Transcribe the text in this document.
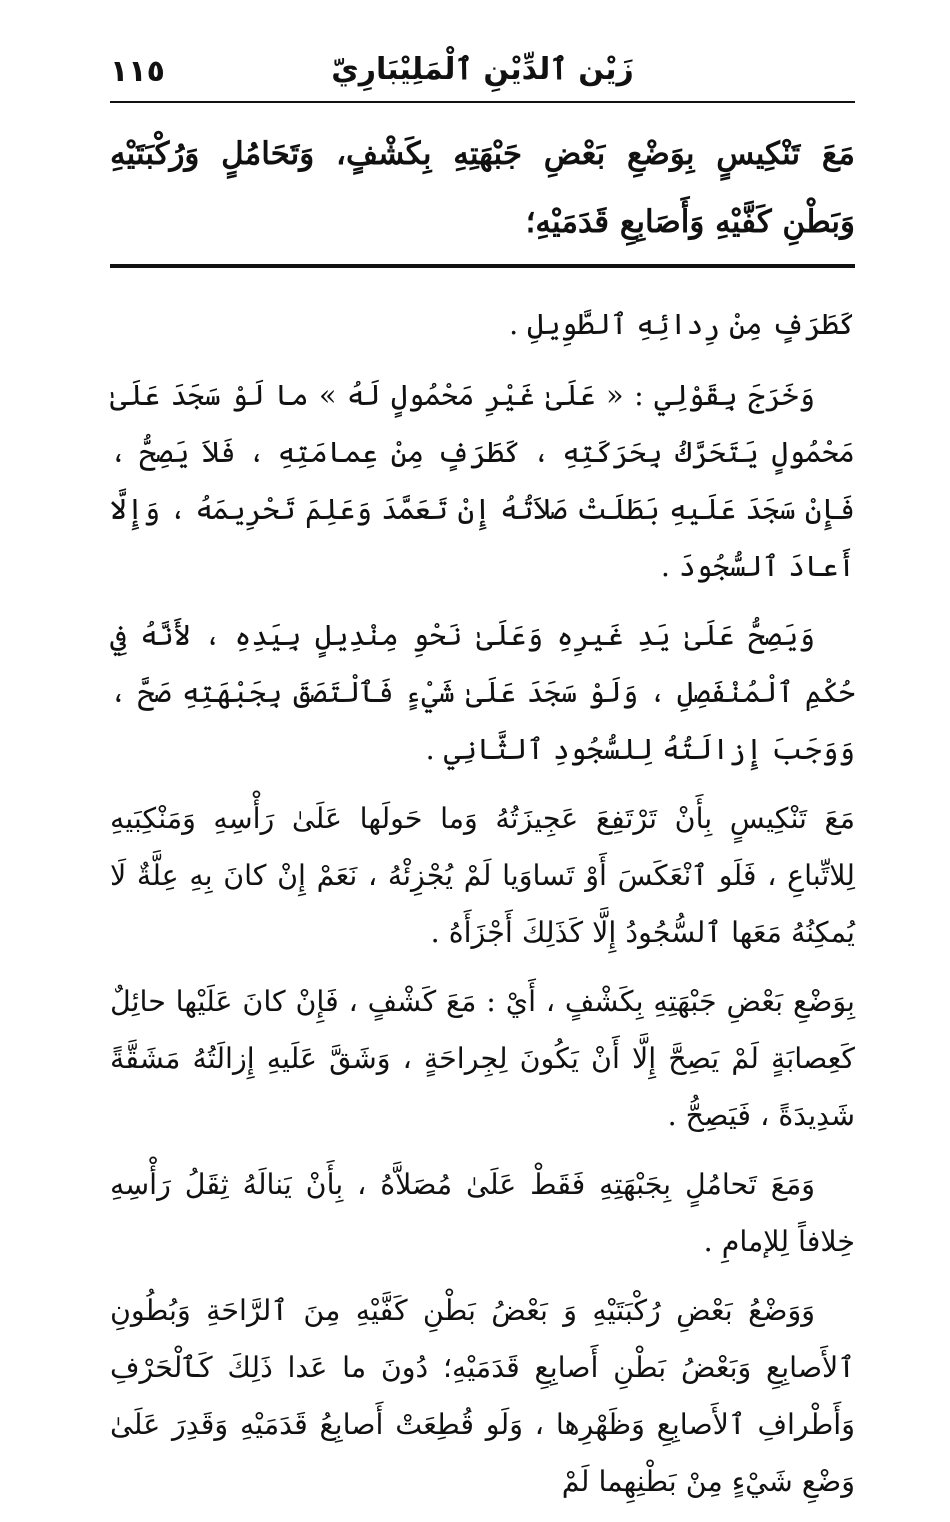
١١٥	زَيْن ٱلدِّيْنِ ٱلْمَلِيْبَارِيّ

مَعَ تَنْكِيسٍ بِوَضْعِ بَعْضِ جَبْهَتِهِ بِكَشْفٍ، وَتَحَامُلٍ وَرُكْبَتَيْهِ وَبَطْنِ كَفَّيْهِ وَأَصَابِعِ قَدَمَيْهِ؛

كَطَرَفٍ مِنْ رِدائِهِ ٱلطَّوِيلِ .

وَخَرَجَ بِقَوْلِي : « عَلَىٰ غَيْرِ مَحْمُولٍ لَهُ » ما لَوْ سَجَدَ عَلَىٰ مَحْمُولٍ يَتَحَرَّكُ بِحَرَكَتِهِ ، كَطَرَفٍ مِنْ عِمامَتِهِ ، فَلاَ يَصِحُّ ، فَإِنْ سَجَدَ عَلَيهِ بَطَلَتْ صَلاَتُهُ إِنْ تَعَمَّدَ وَعَلِمَ تَحْرِيمَهُ ، وَإِلَّا أَعادَ ٱلسُّجُودَ .

وَيَصِحُّ عَلَىٰ يَدِ غَيرِهِ وَعَلَىٰ نَحْوِ مِنْدِيلٍ بِيَدِهِ ، لأَنَّهُ فِي حُكْمِ ٱلْمُنْفَصِلِ ، وَلَوْ سَجَدَ عَلَىٰ شَيْءٍ فَٱلْتَصَقَ بِجَبْهَتِهِ صَحَّ ، وَوَجَبَ إِزالَتُهُ لِلسُّجُودِ ٱلثَّانِي .

مَعَ تَنْكِيسٍ بِأَنْ تَرْتَفِعَ عَجِيزَتُهُ وَما حَولَها عَلَىٰ رَأْسِهِ وَمَنْكِبَيهِ لِلاتِّباعِ ، فَلَو ٱنْعَكَسَ أَوْ تَساوَيا لَمْ يُجْزِئْهُ ، نَعَمْ إِنْ كانَ بِهِ عِلَّةٌ لَا يُمكِنُهُ مَعَها ٱلسُّجُودُ إِلَّا كَذَلِكَ أَجْزَأَهُ .

بِوَضْعِ بَعْضِ جَبْهَتِهِ بِكَشْفٍ ، أَيْ : مَعَ كَشْفٍ ، فَإِنْ كانَ عَلَيْها حائِلٌ كَعِصابَةٍ لَمْ يَصِحَّ إِلَّا أَنْ يَكُونَ لِجِراحَةٍ ، وَشَقَّ عَلَيهِ إِزالَتُهُ مَشَقَّةً شَدِيدَةً ، فَيَصِحُّ .

وَمَعَ تَحامُلٍ بِجَبْهَتِهِ فَقَطْ عَلَىٰ مُصَلاَّهُ ، بِأَنْ يَنالَهُ ثِقَلُ رَأْسِهِ خِلافاً لِلإمامِ .

وَوَضْعُ بَعْضِ رُكْبَتَيْهِ وَ بَعْضُ بَطْنِ كَفَّيْهِ مِنَ ٱلرَّاحَةِ وَبُطُونِ ٱلأَصابِعِ وَبَعْضُ بَطْنِ أَصابِعِ قَدَمَيْهِ؛ دُونَ ما عَدا ذَلِكَ كَٱلْحَرْفِ وَأَطْرافِ ٱلأَصابِعِ وَظَهْرِها ، وَلَو قُطِعَتْ أَصابِعُ قَدَمَيْهِ وَقَدِرَ عَلَىٰ وَضْعِ شَيْءٍ مِنْ بَطْنِهِما لَمْ
